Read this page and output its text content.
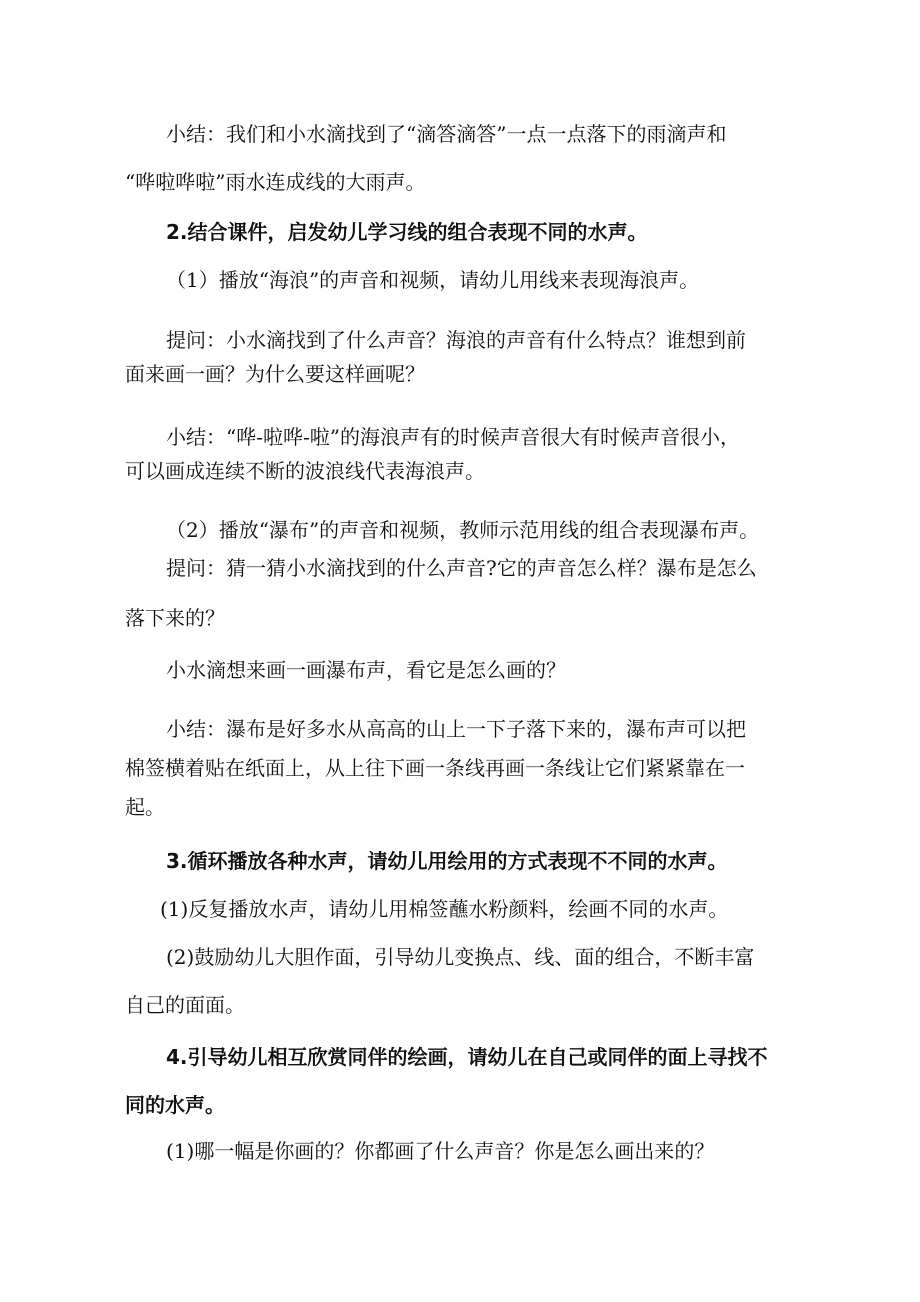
小结：我们和小水滴找到了“滴答滴答”一点一点落下的雨滴声和
“哗啦哗啦”雨水连成线的大雨声。
2.结合课件，启发幼儿学习线的组合表现不同的水声。
（1）播放“海浪”的声音和视频，请幼儿用线来表现海浪声。
提问：小水滴找到了什么声音？海浪的声音有什么特点？谁想到前
面来画一画？为什么要这样画呢？
小结：“哗-啦哗-啦”的海浪声有的时候声音很大有时候声音很小，
可以画成连续不断的波浪线代表海浪声。
（2）播放“瀑布”的声音和视频，教师示范用线的组合表现瀑布声。
提问：猜一猜小水滴找到的什么声音?它的声音怎么样？瀑布是怎么
落下来的？
小水滴想来画一画瀑布声，看它是怎么画的？
小结：瀑布是好多水从高高的山上一下子落下来的，瀑布声可以把
棉签横着贴在纸面上，从上往下画一条线再画一条线让它们紧紧靠在一
起。
3.循环播放各种水声，请幼儿用绘用的方式表现不不同的水声。
(1)反复播放水声，请幼儿用棉签蘸水粉颜料，绘画不同的水声。
(2)鼓励幼儿大胆作面，引导幼儿变换点、线、面的组合，不断丰富
自己的面面。
4.引导幼儿相互欣赏同伴的绘画，请幼儿在自己或同伴的面上寻找不
同的水声。
(1)哪一幅是你画的？你都画了什么声音？你是怎么画出来的？
